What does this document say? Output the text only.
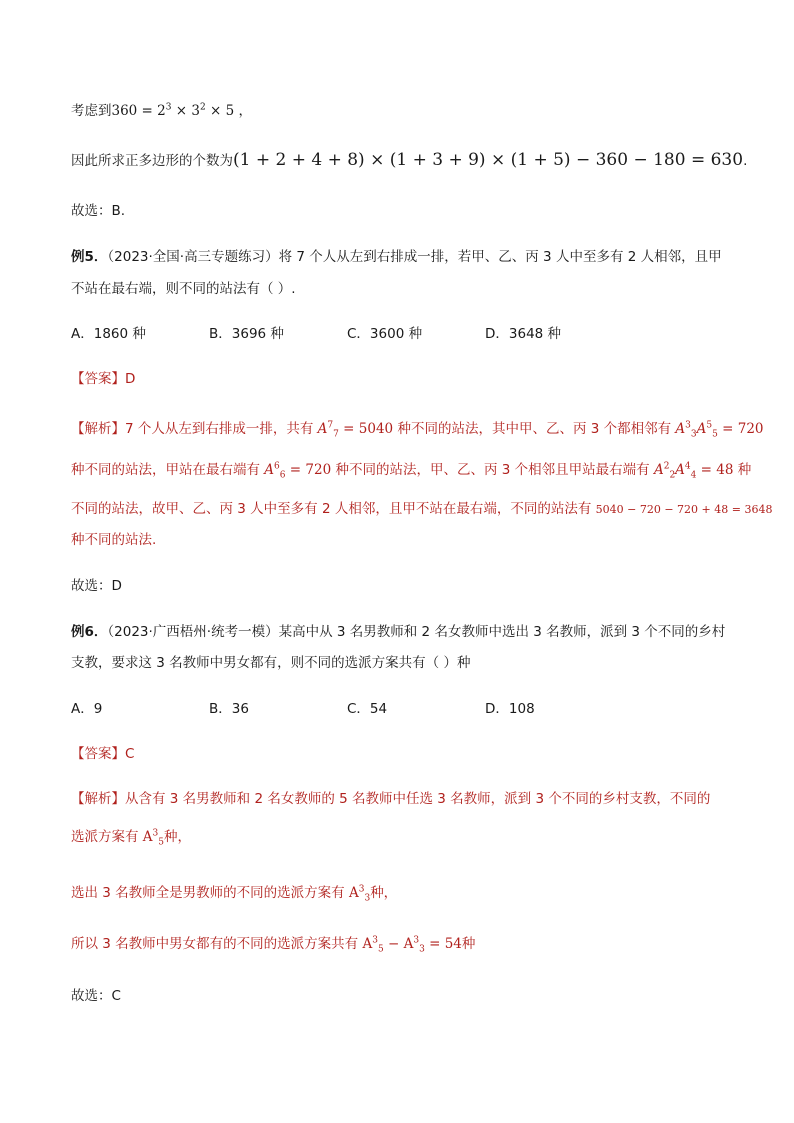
考虑到$360 = 2^3 \times 3^2 \times 5$ ，
因此所求正多边形的个数为(1 + 2 + 4 + 8) × (1 + 3 + 9) × (1 + 5) − 360 − 180 = 630.
故选：B.
例5．（2023·全国·高三专题练习）将 7 个人从左到右排成一排，若甲、乙、丙 3 人中至多有 2 人相邻，且甲
不站在最右端，则不同的站法有（ ）.
A．1860 种	B．3696 种	C．3600 种	D．3648 种
【答案】D
【解析】7 个人从左到右排成一排，共有 $A^7_7 = 5040$ 种不同的站法，其中甲、乙、丙 3 个都相邻有 $A^3_3A^5_5 = 720$
种不同的站法，甲站在最右端有 $A^6_6 = 720$ 种不同的站法，甲、乙、丙 3 个相邻且甲站最右端有 $A^2_2A^4_4 = 48$ 种
不同的站法，故甲、乙、丙 3 人中至多有 2 人相邻，且甲不站在最右端，不同的站法有 5040 − 720 − 720 + 48 = 3648
种不同的站法.
故选：D
例6．（2023·广西梧州·统考一模）某高中从 3 名男教师和 2 名女教师中选出 3 名教师，派到 3 个不同的乡村
支教，要求这 3 名教师中男女都有，则不同的选派方案共有（ ）种
A．9	B．36	C．54	D．108
【答案】C
【解析】从含有 3 名男教师和 2 名女教师的 5 名教师中任选 3 名教师，派到 3 个不同的乡村支教，不同的
选派方案有 $A^3_5$种，
选出 3 名教师全是男教师的不同的选派方案有 $A^3_3$种，
所以 3 名教师中男女都有的不同的选派方案共有 $A^3_5 - A^3_3 = 54$种
故选：C
